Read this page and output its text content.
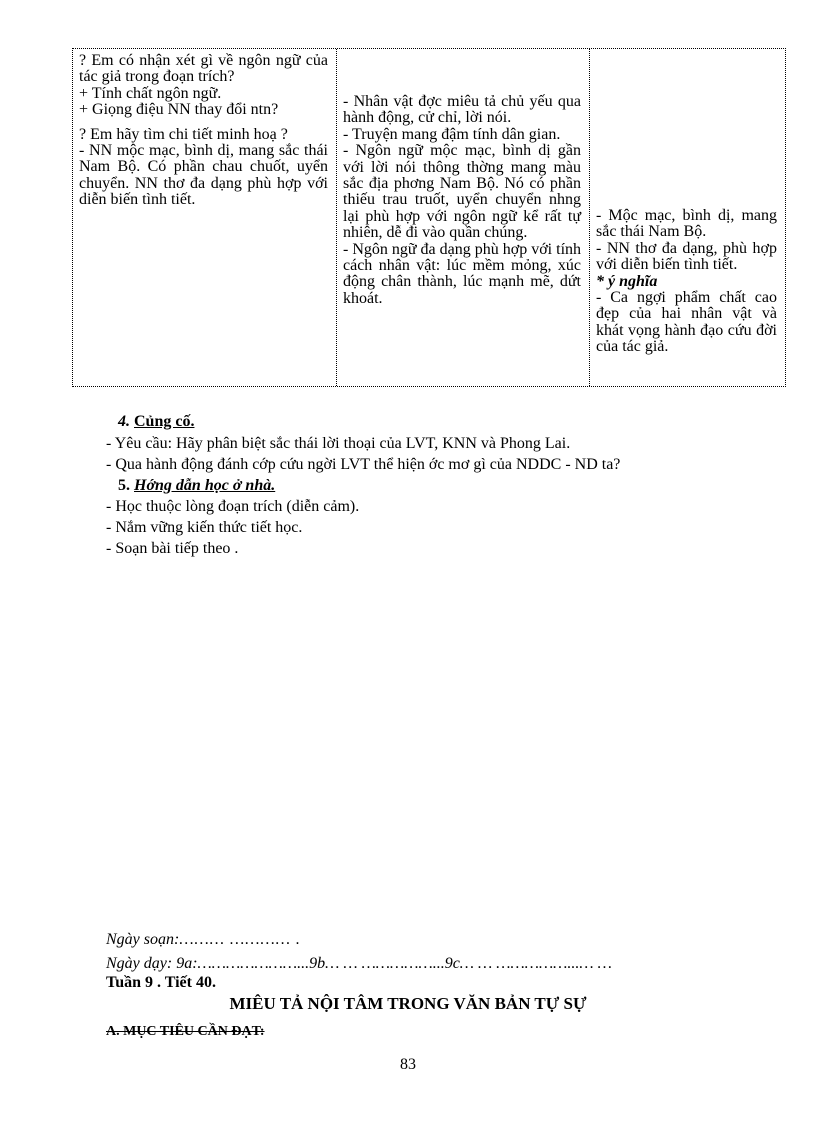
? Em có nhận xét gì về ngôn ngữ của tác giả trong đoạn trích?

+ Tính chất ngôn ngữ.

+ Giọng điệu NN thay đổi ntn?

? Em hãy tìm chi tiết minh hoạ ?

- NN mộc mạc, bình dị, mang sắc thái Nam Bộ. Có phần chau chuốt, uyển chuyển. NN thơ đa dạng phù hợp với diễn biến tình tiết.

- Nhân vật đợc miêu tả chủ yếu qua hành động, cử chỉ, lời nói.

- Truyện mang đậm tính dân gian.

- Ngôn ngữ mộc mạc, bình dị gần với lời nói thông thờng mang màu sắc địa phơng Nam Bộ. Nó có phần thiếu trau truốt, uyển chuyển nhng lại phù hợp với ngôn ngữ kể rất tự nhiên, dễ đi vào quần chúng.

- Ngôn ngữ đa dạng phù hợp với tính cách nhân vật: lúc mềm mỏng, xúc động chân thành, lúc mạnh mẽ, dứt khoát.

- Mộc mạc, bình dị, mang sắc thái Nam Bộ.

- NN thơ đa dạng, phù hợp với diễn biến tình tiết.

* ý nghĩa

- Ca ngợi phẩm chất cao đẹp của hai nhân vật và khát vọng hành đạo cứu đời của tác giả.

4. Củng cố.
- Yêu cầu: Hãy phân biệt sắc thái lời thoại của LVT, KNN và Phong Lai.
- Qua hành động đánh cớp cứu ngời LVT thể hiện ớc mơ gì của NDDC - ND ta?
5. Hớng dẫn học ở nhà.
- Học thuộc lòng đoạn trích (diễn cảm).
- Nắm vững kiến thức tiết học.
- Soạn bài tiếp theo .
Ngày soạn:……… ………… .
Ngày dạy: 9a:…………………...9b… … ……………...9c… … ……………...… …
Tuần 9 . Tiết 40.
MIÊU TẢ NỘI TÂM TRONG VĂN BẢN TỰ SỰ
A. MỤC TIÊU CẦN ĐẠT:
83
